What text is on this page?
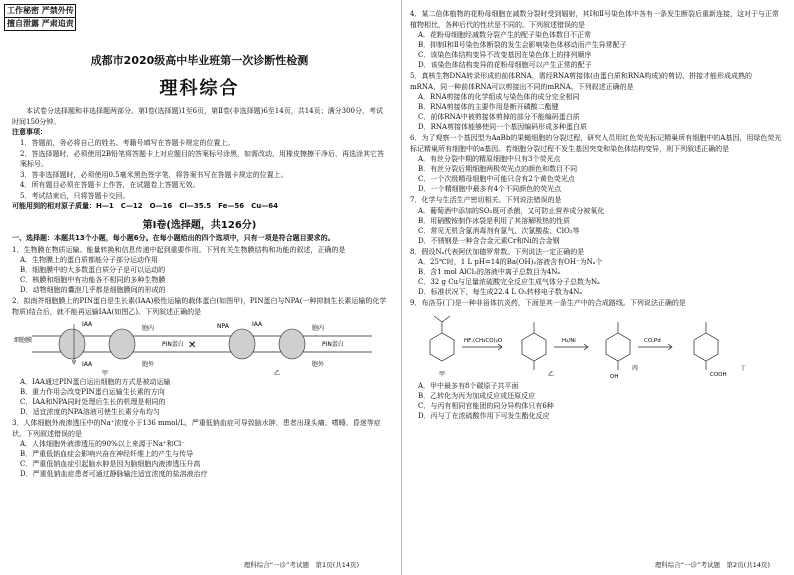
工作秘密 严禁外传
擅自泄露 严肃追责
成都市2020级高中毕业班第一次诊断性检测
理科综合
本试卷分选择题和非选择题两部分。第Ⅰ卷(选择题)1至6页，第Ⅱ卷(非选择题)6至14页，共14页；满分300分，考试时间150分钟。
注意事项：
1．答题前，务必将自己的姓名、考籍号填写在答题卡规定的位置上。
2．答选择题时，必须使用2B铅笔将答题卡上对应题目的答案标号涂黑，如需改动，用橡皮擦擦干净后，再选涂其它答案标号。
3．答非选择题时，必须使用0.5毫米黑色签字笔，将答案书写在答题卡规定的位置上。
4．所有题目必须在答题卡上作答，在试题卷上答题无效。
5．考试结束后，只将答题卡交回。
可能用到的相对原子质量：H—1　C—12　O—16　Cl—35.5　Fe—56　Cu—64
第Ⅰ卷(选择题，共126分)
一、选择题：本题共13个小题，每小题6分。在每小题给出的四个选项中，只有一项是符合题目要求的。
1．生物膜在物质运输、能量转换和信息传递中起到重要作用。下列有关生物膜结构和功能的叙述，正确的是
A．生物膜上的蛋白质都能分子部分运动作用
B．细胞膜中的大多数蛋白质分子是可以运动的
C．核膜和细胞中有功能各不相同的多种生物膜
D．动物细胞的囊泡几乎都是细胞膜间的形成的
2．拟南芥细胞膜上的PIN蛋白是生长素(IAA)极性运输的载体蛋白(如图甲)，PIN蛋白与NPA(一种抑制生长素运输的化学物质)结合后，就不能再运输IAA(如图乙)。下列叙述正确的是
细胞膜
IAA
胞内
PIN蛋白
IAA	胞外
甲
NPA	IAA
胞内
PIN蛋白
胞外
乙
✕
A．IAA通过PIN蛋白运出细胞的方式是被动运输
B．重力作用会改变PIN蛋白运输生长素的方向
C．IAA和NPA同时处理后生长的机理是相同的
D．适宜浓度的NPA溶液可使生长素分布均匀
3．人体细胞外液渗透压中的Na⁺浓度小于136 mmol/L，严重低钠血症可导致脑水肿，患者出现头痛、嗜睡、昏迷等症状。下列叙述错误的是
A．人体细胞外液渗透压的90%以上来源于Na⁺和Cl⁻
B．严重低钠血症会影响兴奋在神经纤维上的产生与传导
C．严重低钠血症引起脑水肿是因为脑细胞内液渗透压升高
D．严重低钠血症患者可通过静脉输注适宜浓度的盐溶液治疗
理科综合“一诊”考试题　第1页(共14页)
4．某二倍体植物的花粉母细胞在减数分裂时受到辐射，其Ⅰ和Ⅱ号染色体中各有一条发生断裂后重新连接，这对于与正常植物相比，各种后代的性状是不同的。下列叙述错误的是
A．花粉母细胞经减数分裂产生的配子染色体数目不正常
B．抑制Ⅰ和Ⅱ号染色体断裂的发生会影响染色体移动而产生异常配子
C．该染色体结构变异不改变基因在染色体上的排列顺序
D．该染色体结构变异的花粉母细胞可以产生正常的配子
5．真核生物DNA转录形成的前体RNA，需经RNA剪接体(由蛋白质和RNA构成)的剪切、拼接才能形成成熟的mRNA，同一种前体RNA可以剪接出不同的mRNA。下列叙述正确的是
A．RNA剪接体的化学组成与染色体的成分完全相同
B．RNA剪接体的主要作用是断开磷酸二酯键
C．前体RNA中被剪接体剪掉的部分不能编码蛋白质
D．RNA剪接体能够使同一个基因编码形成多种蛋白质
6．为了观察一个基因型为AaBb的果蝇细胞的分裂过程，研究人员用红色荧光标记精巢所有细胞中的A基因，用绿色荧光标记精巢所有细胞中的a基因。若细胞分裂过程不发生基因突变和染色体结构变异，则下列叙述正确的是
A．有丝分裂中期的精原细胞中只有3个荧光点
B．有丝分裂后期细胞两极荧光点的颜色和数目不同
C．一个次级精母细胞中可能只含有2个黄色荧光点
D．一个精细胞中最多有4个不同颜色的荧光点
7．化学与生活生产密切相关。下列说法错误的是
A．葡萄酒中添加的SO₂既可杀菌，又可防止营养成分被氧化
B．用硝酸铵制作冰袋是利用了其溶解吸热的性质
C．常见无机含氯消毒剂有氯气、次氯酸盐、ClO₂等
D．不锈钢是一种含合金元素Cr和Ni的合金钢
8．假设Nₐ代表阿伏加德罗常数。下列说法一定正确的是
A．25℃时，1 L pH=14的Ba(OH)₂溶液含有OH⁻为Nₐ个
B．含1 mol AlCl₃的溶液中离子总数目为4Nₐ
C．32 g Cu与足量浓硫酸完全反应生成气体分子总数为Nₐ
D．标准状况下，每生成22.4 L O₂转移电子数为4Nₐ
9．布洛芬(丁)是一种非甾体抗炎药，下面是其一条生产中的合成路线。下列说法正确的是
HF,(CH₃CO)₂O	H₂/Ni	CO,Pd
OH	COOH
甲	乙
丙	丁
A．甲中最多有8个碳原子共平面
B．乙转化为丙为加成反应或还原反应
C．与丙有相同官能团的同分异构体只有6种
D．丙与丁在浓硫酸作用下可发生酯化反应
理科综合“一诊”考试题　第2页(共14页)
